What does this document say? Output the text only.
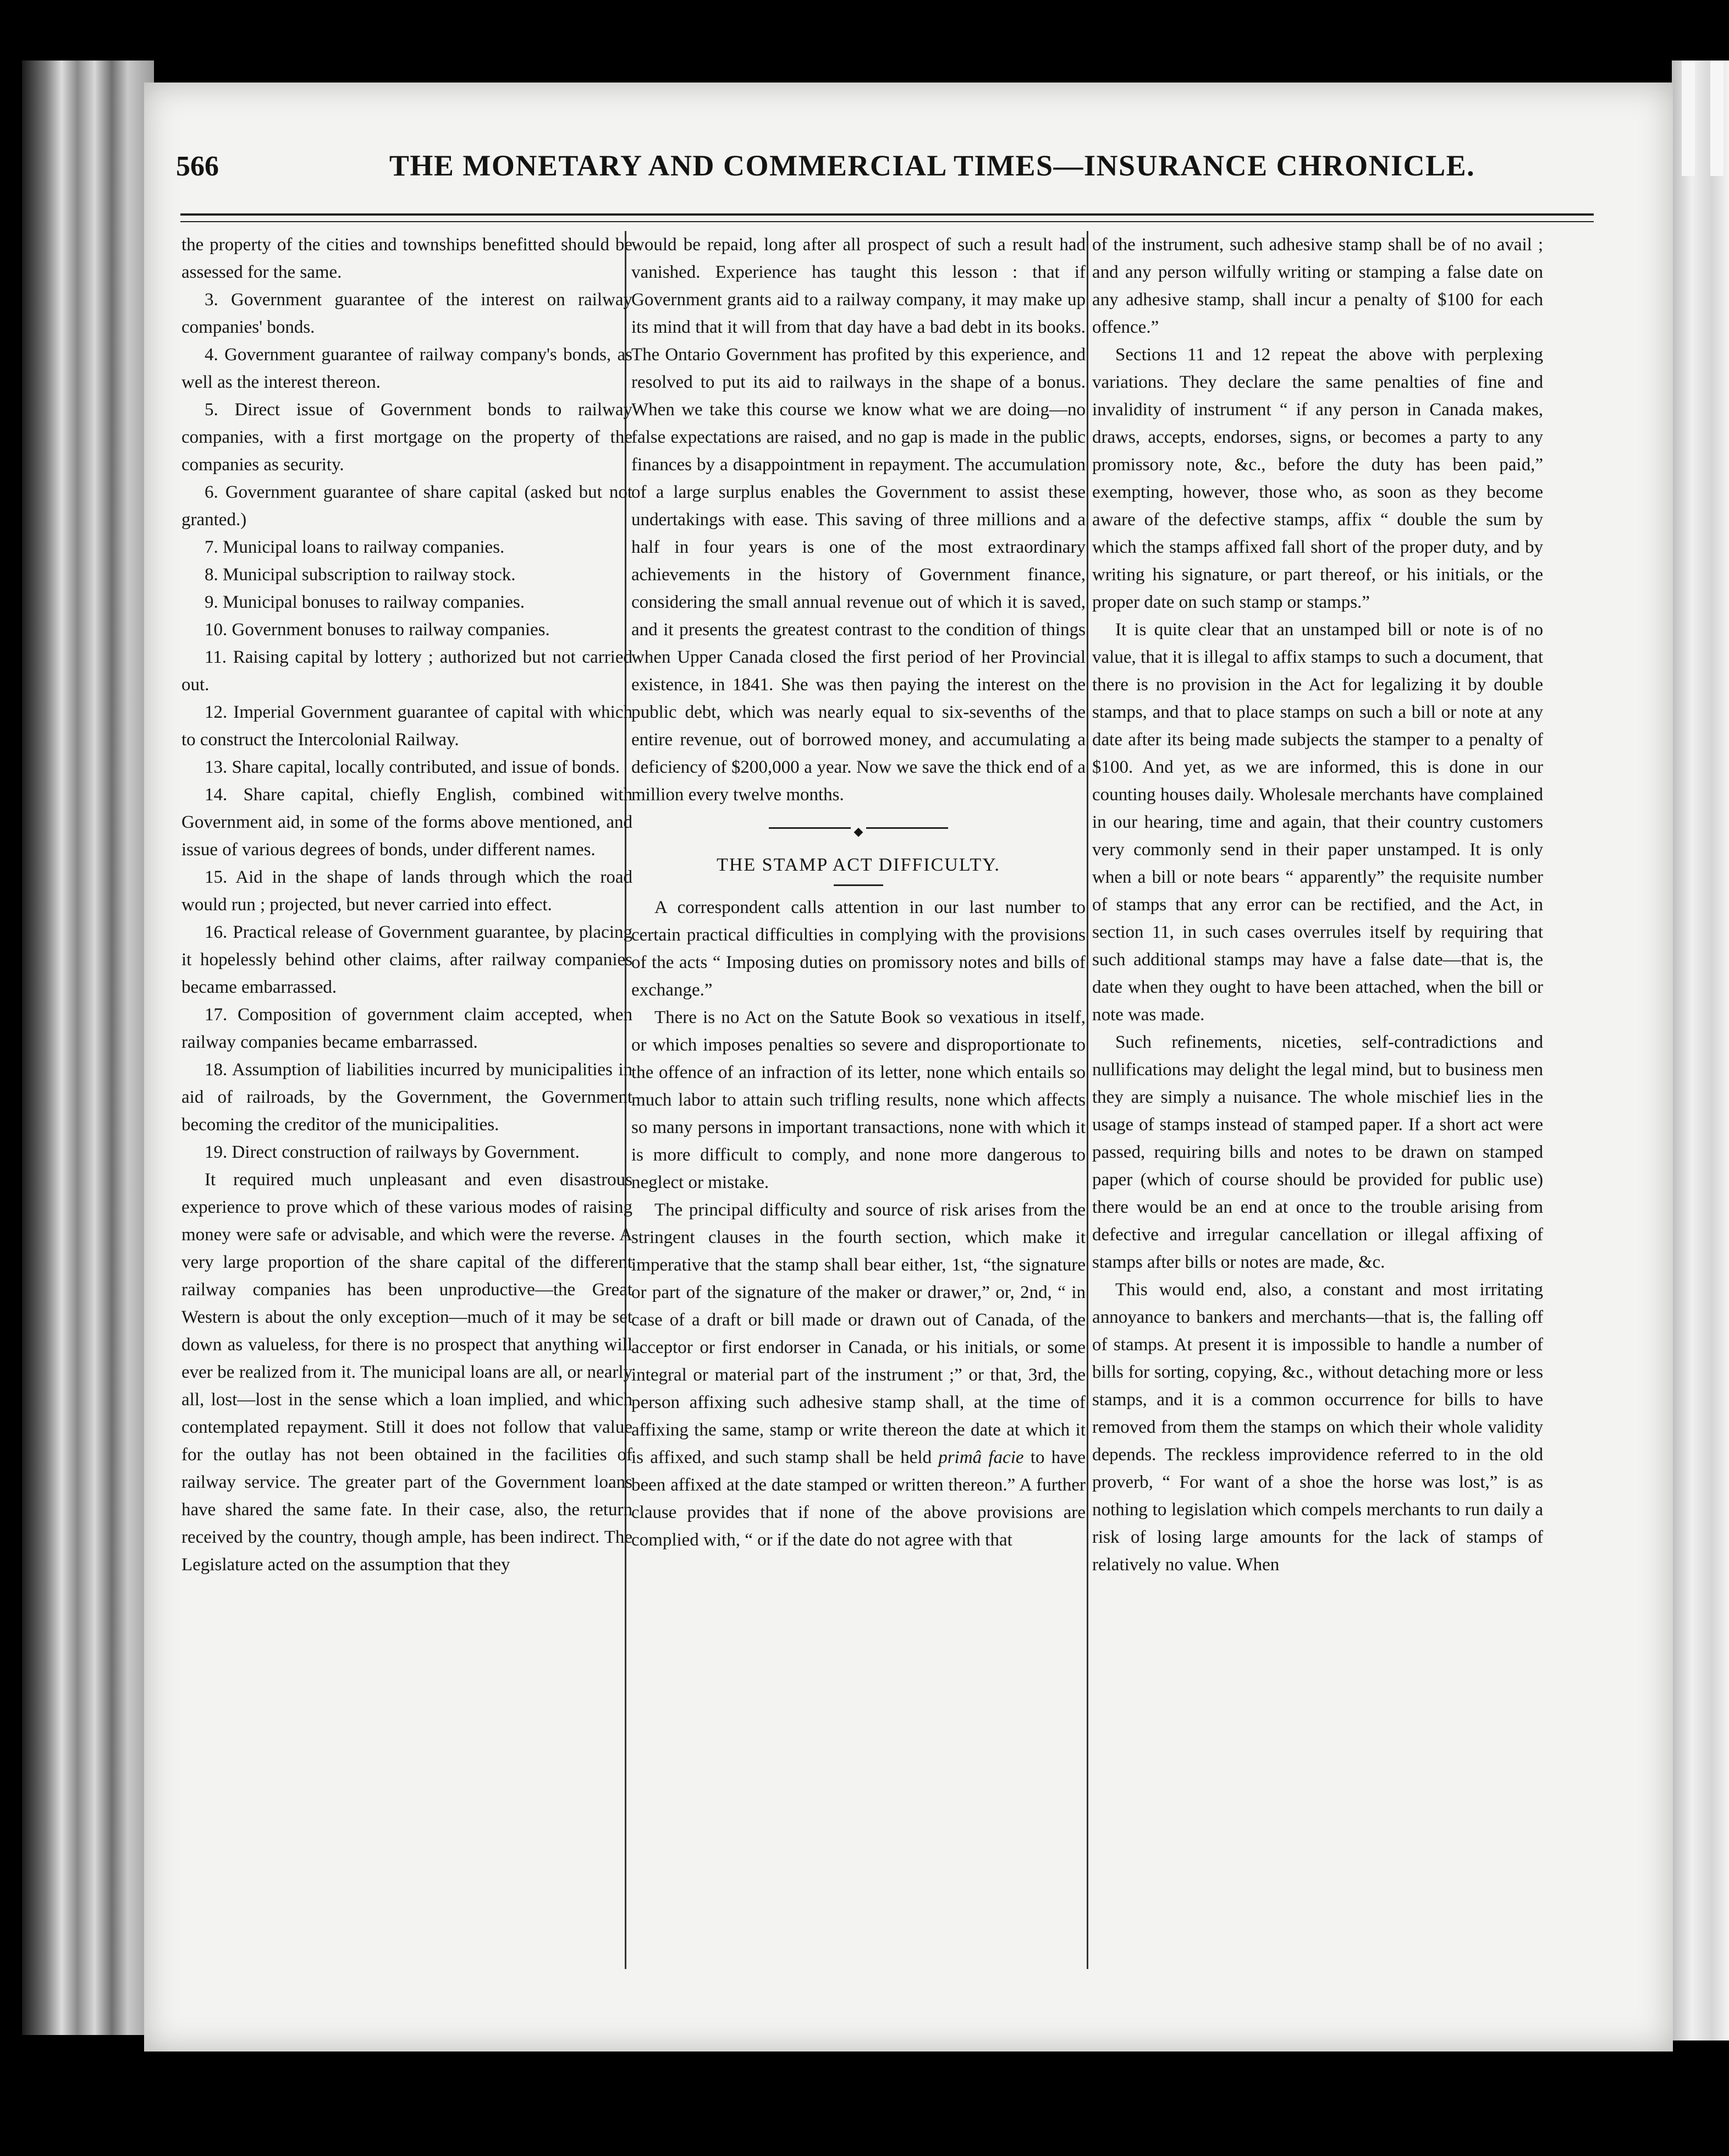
566	THE MONETARY AND COMMERCIAL TIMES—INSURANCE CHRONICLE.

the property of the cities and townships benefitted should be assessed for the same.

3. Government guarantee of the interest on railway companies' bonds.

4. Government guarantee of railway company's bonds, as well as the interest thereon.

5. Direct issue of Government bonds to railway companies, with a first mortgage on the property of the companies as security.

6. Government guarantee of share capital (asked but not granted.)

7. Municipal loans to railway companies.

8. Municipal subscription to railway stock.

9. Municipal bonuses to railway companies.

10. Government bonuses to railway companies.

11. Raising capital by lottery ; authorized but not carried out.

12. Imperial Government guarantee of capital with which to construct the Intercolonial Railway.

13. Share capital, locally contributed, and issue of bonds.

14. Share capital, chiefly English, combined with Government aid, in some of the forms above mentioned, and issue of various degrees of bonds, under different names.

15. Aid in the shape of lands through which the road would run ; projected, but never carried into effect.

16. Practical release of Government guarantee, by placing it hopelessly behind other claims, after railway companies became embarrassed.

17. Composition of government claim accepted, when railway companies became embarrassed.

18. Assumption of liabilities incurred by municipalities in aid of railroads, by the Government, the Government becoming the creditor of the municipalities.

19. Direct construction of railways by Government.

It required much unpleasant and even disastrous experience to prove which of these various modes of raising money were safe or advisable, and which were the reverse. A very large proportion of the share capital of the different railway companies has been unproductive—the Great Western is about the only exception—much of it may be set down as valueless, for there is no prospect that anything will ever be realized from it. The municipal loans are all, or nearly all, lost—lost in the sense which a loan implied, and which contemplated repayment. Still it does not follow that value for the outlay has not been obtained in the facilities of railway service. The greater part of the Government loans have shared the same fate. In their case, also, the return received by the country, though ample, has been indirect. The Legislature acted on the assumption that they

would be repaid, long after all prospect of such a result had vanished. Experience has taught this lesson : that if Government grants aid to a railway company, it may make up its mind that it will from that day have a bad debt in its books. The Ontario Government has profited by this experience, and resolved to put its aid to railways in the shape of a bonus. When we take this course we know what we are doing—no false expectations are raised, and no gap is made in the public finances by a disappointment in repayment. The accumulation of a large surplus enables the Government to assist these undertakings with ease. This saving of three millions and a half in four years is one of the most extraordinary achievements in the history of Government finance, considering the small annual revenue out of which it is saved, and it presents the greatest contrast to the condition of things when Upper Canada closed the first period of her Provincial existence, in 1841. She was then paying the interest on the public debt, which was nearly equal to six-sevenths of the entire revenue, out of borrowed money, and accumulating a deficiency of $200,000 a year. Now we save the thick end of a million every twelve months.

◆
THE STAMP ACT DIFFICULTY.

A correspondent calls attention in our last number to certain practical difficulties in complying with the provisions of the acts “ Imposing duties on promissory notes and bills of exchange.”

There is no Act on the Satute Book so vexatious in itself, or which imposes penalties so severe and disproportionate to the offence of an infraction of its letter, none which entails so much labor to attain such trifling results, none which affects so many persons in important transactions, none with which it is more difficult to comply, and none more dangerous to neglect or mistake.

The principal difficulty and source of risk arises from the stringent clauses in the fourth section, which make it imperative that the stamp shall bear either, 1st, “the signature or part of the signature of the maker or drawer,” or, 2nd, “ in case of a draft or bill made or drawn out of Canada, of the acceptor or first endorser in Canada, or his initials, or some integral or material part of the instrument ;” or that, 3rd, the person affixing such adhesive stamp shall, at the time of affixing the same, stamp or write thereon the date at which it is affixed, and such stamp shall be held primâ facie to have been affixed at the date stamped or written thereon.” A further clause provides that if none of the above provisions are complied with, “ or if the date do not agree with that

of the instrument, such adhesive stamp shall be of no avail ; and any person wilfully writing or stamping a false date on any adhesive stamp, shall incur a penalty of $100 for each offence.”

Sections 11 and 12 repeat the above with perplexing variations. They declare the same penalties of fine and invalidity of instrument “ if any person in Canada makes, draws, accepts, endorses, signs, or becomes a party to any promissory note, &c., before the duty has been paid,” exempting, however, those who, as soon as they become aware of the defective stamps, affix “ double the sum by which the stamps affixed fall short of the proper duty, and by writing his signature, or part thereof, or his initials, or the proper date on such stamp or stamps.”

It is quite clear that an unstamped bill or note is of no value, that it is illegal to affix stamps to such a document, that there is no provision in the Act for legalizing it by double stamps, and that to place stamps on such a bill or note at any date after its being made subjects the stamper to a penalty of $100. And yet, as we are informed, this is done in our counting houses daily. Wholesale merchants have complained in our hearing, time and again, that their country customers very commonly send in their paper unstamped. It is only when a bill or note bears “ apparently” the requisite number of stamps that any error can be rectified, and the Act, in section 11, in such cases overrules itself by requiring that such additional stamps may have a false date—that is, the date when they ought to have been attached, when the bill or note was made.

Such refinements, niceties, self-contradictions and nullifications may delight the legal mind, but to business men they are simply a nuisance. The whole mischief lies in the usage of stamps instead of stamped paper. If a short act were passed, requiring bills and notes to be drawn on stamped paper (which of course should be provided for public use) there would be an end at once to the trouble arising from defective and irregular cancellation or illegal affixing of stamps after bills or notes are made, &c.

This would end, also, a constant and most irritating annoyance to bankers and merchants—that is, the falling off of stamps. At present it is impossible to handle a number of bills for sorting, copying, &c., without detaching more or less stamps, and it is a common occurrence for bills to have removed from them the stamps on which their whole validity depends. The reckless improvidence referred to in the old proverb, “ For want of a shoe the horse was lost,” is as nothing to legislation which compels merchants to run daily a risk of losing large amounts for the lack of stamps of relatively no value. When
